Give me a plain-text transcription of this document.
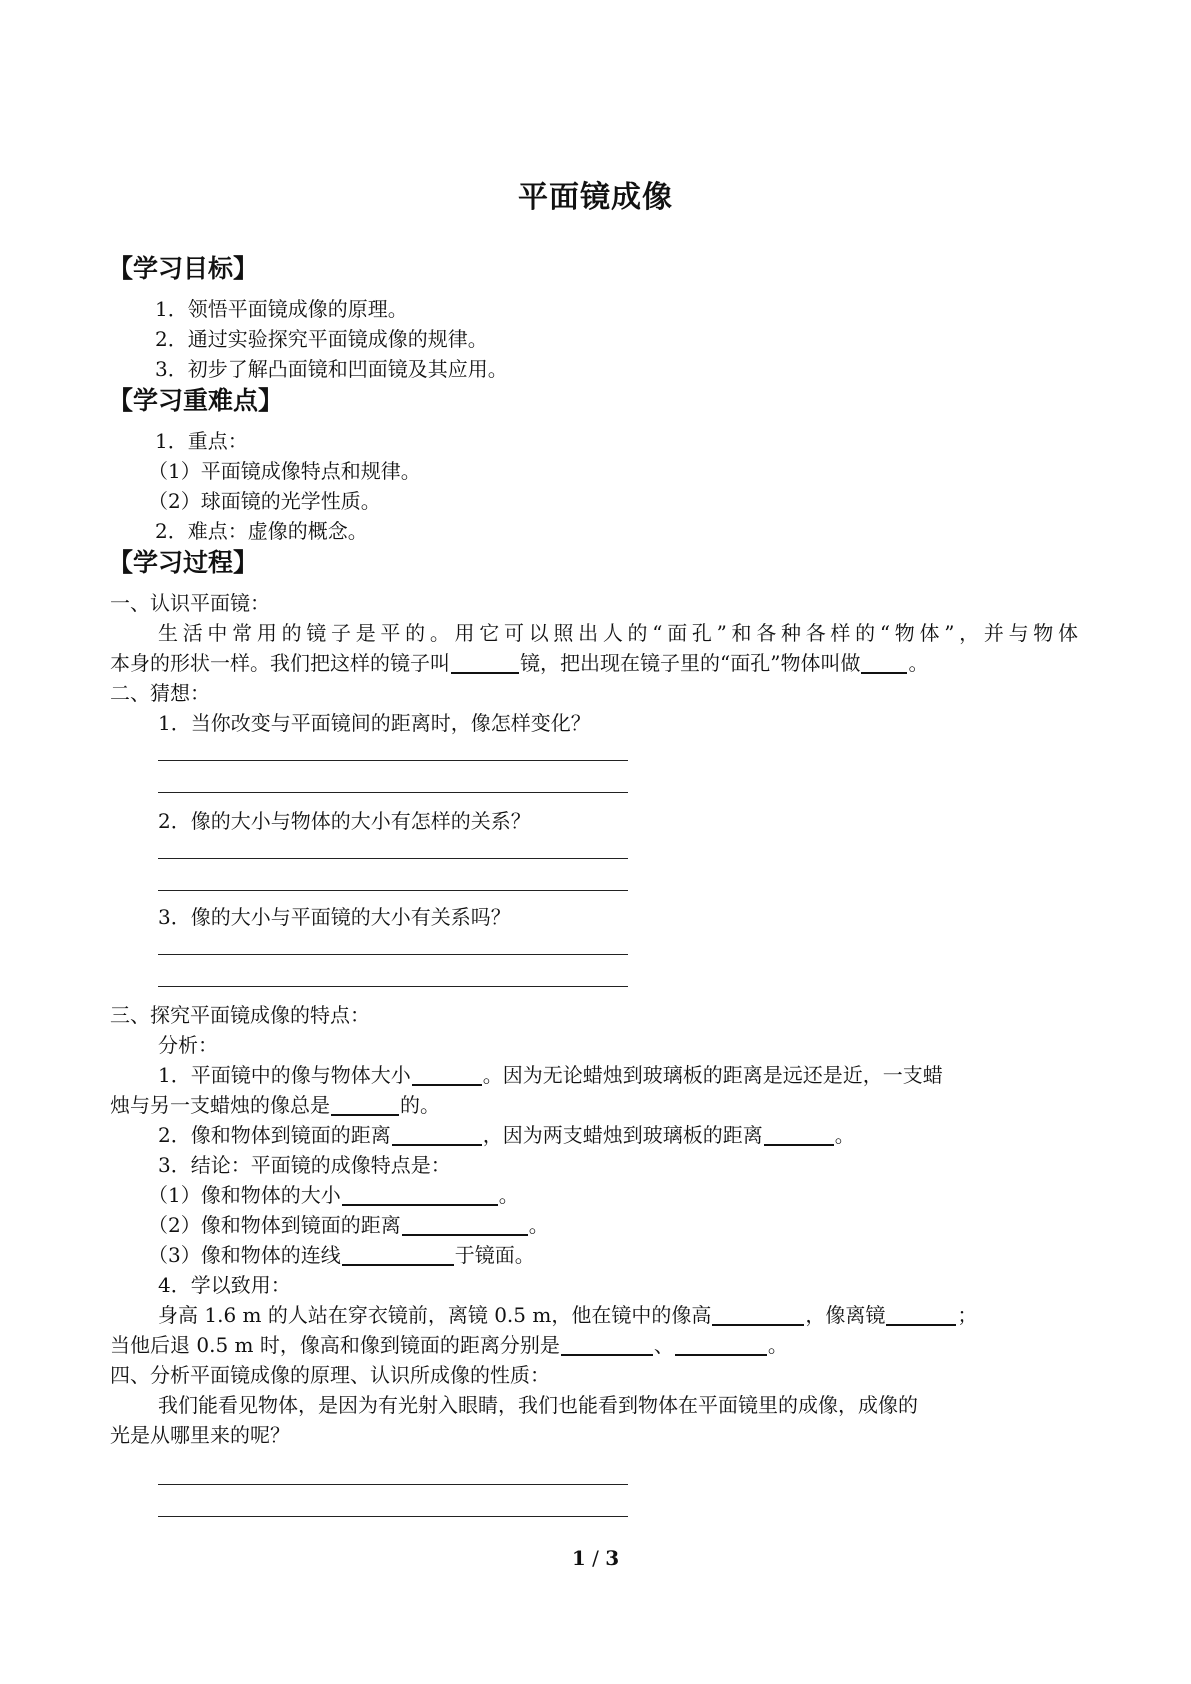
平面镜成像
【学习目标】
1．领悟平面镜成像的原理。
2．通过实验探究平面镜成像的规律。
3．初步了解凸面镜和凹面镜及其应用。
【学习重难点】
1．重点：
（1）平面镜成像特点和规律。
（2）球面镜的光学性质。
2．难点：虚像的概念。
【学习过程】
一、认识平面镜：
生活中常用的镜子是平的。用它可以照出人的“面孔”和各种各样的“物体”，并与物体
本身的形状一样。我们把这样的镜子叫	镜，把出现在镜子里的“面孔”物体叫做 。
二、猜想：
1．当你改变与平面镜间的距离时，像怎样变化？
2．像的大小与物体的大小有怎样的关系？
3．像的大小与平面镜的大小有关系吗？
三、探究平面镜成像的特点：
分析：
1．平面镜中的像与物体大小	。因为无论蜡烛到玻璃板的距离是远还是近，一支蜡
烛与另一支蜡烛的像总是	的。
2．像和物体到镜面的距离	，因为两支蜡烛到玻璃板的距离	。
3．结论：平面镜的成像特点是：
（1）像和物体的大小	。
（2）像和物体到镜面的距离	。
（3）像和物体的连线	于镜面。
4．学以致用：
身高 1.6 m 的人站在穿衣镜前，离镜 0.5 m，他在镜中的像高	，像离镜	；
当他后退 0.5 m 时，像高和像到镜面的距离分别是	、	。
四、分析平面镜成像的原理、认识所成像的性质：
我们能看见物体，是因为有光射入眼睛，我们也能看到物体在平面镜里的成像，成像的
光是从哪里来的呢？
1 / 3
